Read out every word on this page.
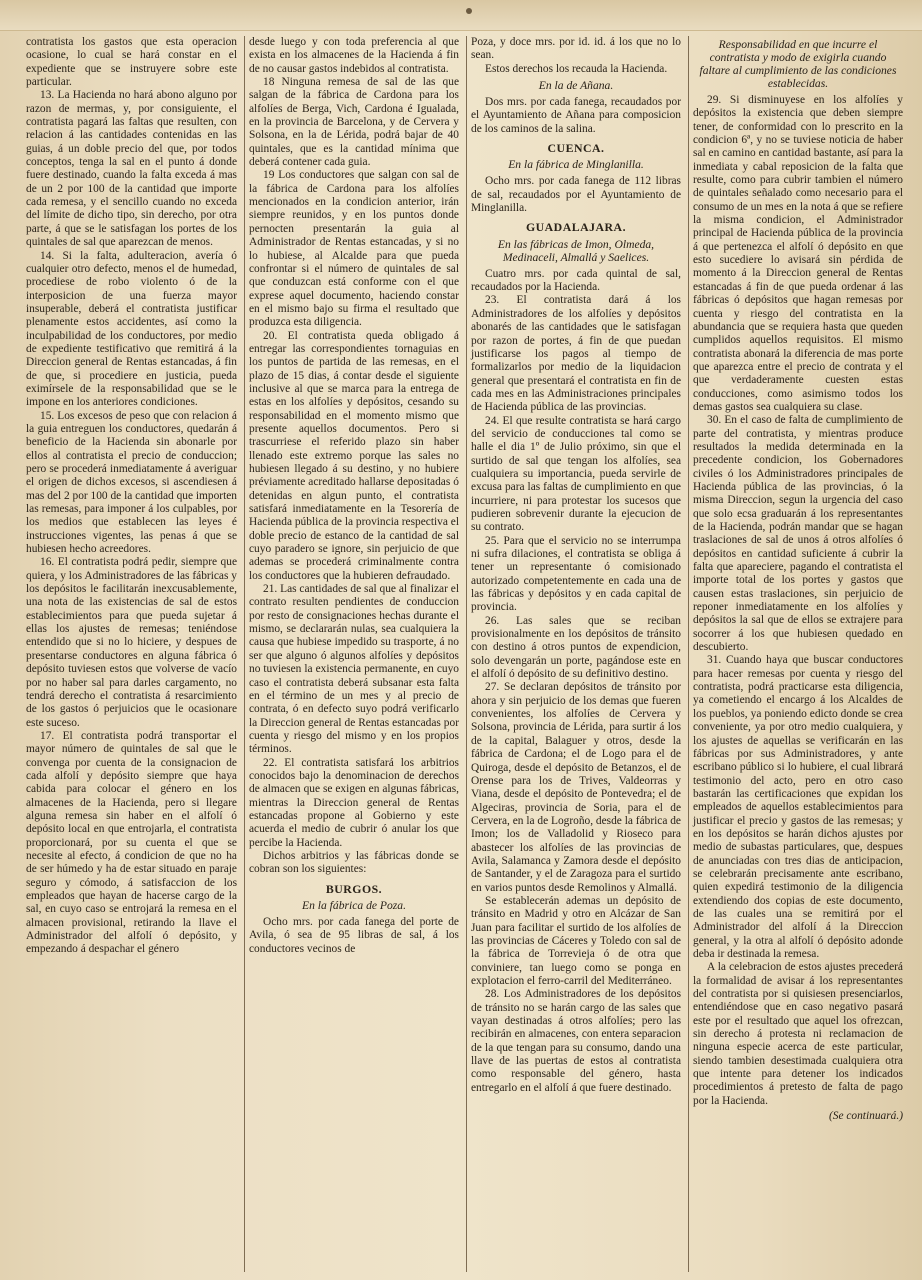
contratista los gastos que esta operacion ocasione, lo cual se hará constar en el expediente que se instruyere sobre este particular.

13. La Hacienda no hará abono alguno por razon de mermas, y, por consiguiente, el contratista pagará las faltas que resulten, con relacion á las cantidades contenidas en las guias, á un doble precio del que, por todos conceptos, tenga la sal en el punto á donde fuere destinado, cuando la falta exceda á mas de un 2 por 100 de la cantidad que importe cada remesa, y el sencillo cuando no exceda del límite de dicho tipo, sin derecho, por otra parte, á que se le satisfagan los portes de los quintales de sal que aparezcan de menos.

14. Si la falta, adulteracion, avería ó cualquier otro defecto, menos el de humedad, procediese de robo violento ó de la interposicion de una fuerza mayor insuperable, deberá el contratista justificar plenamente estos accidentes, así como la inculpabilidad de los conductores, por medio de expediente testificativo que remitirá á la Direccion general de Rentas estancadas, á fin de que, si procediere en justicia, pueda eximírsele de la responsabilidad que se le impone en los anteriores condiciones.

15. Los excesos de peso que con relacion á la guia entreguen los conductores, quedarán á beneficio de la Hacienda sin abonarle por ellos al contratista el precio de conduccion; pero se procederá inmediatamente á averiguar el origen de dichos excesos, si ascendiesen á mas del 2 por 100 de la cantidad que importen las remesas, para imponer á los culpables, por los medios que establecen las leyes é instrucciones vigentes, las penas á que se hubiesen hecho acreedores.

16. El contratista podrá pedir, siempre que quiera, y los Administradores de las fábricas y los depósitos le facilitarán inexcusablemente, una nota de las existencias de sal de estos establecimientos para que pueda sujetar á ellas los ajustes de remesas; teniéndose entendido que si no lo hiciere, y despues de presentarse conductores en alguna fábrica ó depósito tuviesen estos que volverse de vacío por no haber sal para darles cargamento, no tendrá derecho el contratista á resarcimiento de los gastos ó perjuicios que le ocasionare este suceso.

17. El contratista podrá transportar el mayor número de quintales de sal que le convenga por cuenta de la consignacion de cada alfolí y depósito siempre que haya cabida para colocar el género en los almacenes de la Hacienda, pero si llegare alguna remesa sin haber en el alfolí ó depósito local en que entrojarla, el contratista proporcionará, por su cuenta el que se necesite al efecto, á condicion de que no ha de ser húmedo y ha de estar situado en paraje seguro y cómodo, á satisfaccion de los empleados que hayan de hacerse cargo de la sal, en cuyo caso se entrojará la remesa en el almacen provisional, retirando la llave el Administrador del alfolí ó depósito, y empezando á despachar el género

desde luego y con toda preferencia al que exista en los almacenes de la Hacienda á fin de no causar gastos indebidos al contratista.

18 Ninguna remesa de sal de las que salgan de la fábrica de Cardona para los alfolíes de Berga, Vich, Cardona é Igualada, en la provincia de Barcelona, y de Cervera y Solsona, en la de Lérida, podrá bajar de 40 quintales, que es la cantidad mínima que deberá contener cada guia.

19 Los conductores que salgan con sal de la fábrica de Cardona para los alfolíes mencionados en la condicion anterior, irán siempre reunidos, y en los puntos donde pernocten presentarán la guia al Administrador de Rentas estancadas, y si no lo hubiese, al Alcalde para que pueda confrontar si el número de quintales de sal que conduzcan está conforme con el que exprese aquel documento, haciendo constar en el mismo bajo su firma el resultado que produzca esta diligencia.

20. El contratista queda obligado á entregar las correspondientes tornaguias en los puntos de partida de las remesas, en el plazo de 15 dias, á contar desde el siguiente inclusive al que se marca para la entrega de estas en los alfolíes y depósitos, cesando su responsabilidad en el momento mismo que presente aquellos documentos. Pero si trascurriese el referido plazo sin haber llenado este extremo porque las sales no hubiesen llegado á su destino, y no hubiere préviamente acreditado hallarse depositadas ó detenidas en algun punto, el contratista satisfará inmediatamente en la Tesorería de Hacienda pública de la provincia respectiva el doble precio de estanco de la cantidad de sal cuyo paradero se ignore, sin perjuicio de que ademas se procederá criminalmente contra los conductores que la hubieren defraudado.

21. Las cantidades de sal que al finalizar el contrato resulten pendientes de conduccion por resto de consignaciones hechas durante el mismo, se declararán nulas, sea cualquiera la causa que hubiese impedido su trasporte, á no ser que alguno ó algunos alfolíes y depósitos no tuviesen la existencia permanente, en cuyo caso el contratista deberá subsanar esta falta en el término de un mes y al precio de contrata, ó en defecto suyo podrá verificarlo la Direccion general de Rentas estancadas por cuenta y riesgo del mismo y en los propios términos.

22. El contratista satisfará los arbitrios conocidos bajo la denominacion de derechos de almacen que se exigen en algunas fábricas, mientras la Direccion general de Rentas estancadas propone al Gobierno y este acuerda el medio de cubrir ó anular los que percibe la Hacienda.

Dichos arbitrios y las fábricas donde se cobran son los siguientes:

BURGOS.
En la fábrica de Poza.

Ocho mrs. por cada fanega del porte de Avila, ó sea de 95 libras de sal, á los conductores vecinos de

Poza, y doce mrs. por id. id. á los que no lo sean.

Estos derechos los recauda la Hacienda.

En la de Añana.

Dos mrs. por cada fanega, recaudados por el Ayuntamiento de Añana para composicion de los caminos de la salina.

CUENCA.
En la fábrica de Minglanilla.

Ocho mrs. por cada fanega de 112 libras de sal, recaudados por el Ayuntamiento de Minglanilla.

GUADALAJARA.
En las fábricas de Imon, Olmeda, Medinaceli, Almallá y Saelices.

Cuatro mrs. por cada quintal de sal, recaudados por la Hacienda.

23. El contratista dará á los Administradores de los alfolíes y depósitos abonarés de las cantidades que le satisfagan por razon de portes, á fin de que puedan justificarse los pagos al tiempo de formalizarlos por medio de la liquidacion general que presentará el contratista en fin de cada mes en las Administraciones principales de Hacienda pública de las provincias.

24. El que resulte contratista se hará cargo del servicio de conducciones tal como se halle el dia 1º de Julio próximo, sin que el surtido de sal que tengan los alfolíes, sea cualquiera su importancia, pueda servirle de excusa para las faltas de cumplimiento en que incurriere, ni para protestar los sucesos que pudieren sobrevenir durante la ejecucion de su contrato.

25. Para que el servicio no se interrumpa ni sufra dilaciones, el contratista se obliga á tener un representante ó comisionado autorizado competentemente en cada una de las fábricas y depósitos y en cada capital de provincia.

26. Las sales que se reciban provisionalmente en los depósitos de tránsito con destino á otros puntos de expendicion, solo devengarán un porte, pagándose este en el alfolí ó depósito de su definitivo destino.

27. Se declaran depósitos de tránsito por ahora y sin perjuicio de los demas que fueren convenientes, los alfolíes de Cervera y Solsona, provincia de Lérida, para surtir á los de la capital, Balaguer y otros, desde la fábrica de Cardona; el de Logo para el de Quiroga, desde el depósito de Betanzos, el de Orense para los de Trives, Valdeorras y Viana, desde el depósito de Pontevedra; el de Algeciras, provincia de Soria, para el de Cervera, en la de Logroño, desde la fábrica de Imon; los de Valladolid y Rioseco para abastecer los alfolíes de las provincias de Avila, Salamanca y Zamora desde el depósito de Santander, y el de Zaragoza para el surtido en varios puntos desde Remolinos y Almallá.

Se establecerán ademas un depósito de tránsito en Madrid y otro en Alcázar de San Juan para facilitar el surtido de los alfolíes de las provincias de Cáceres y Toledo con sal de la fábrica de Torrevieja ó de otra que conviniere, tan luego como se ponga en explotacion el ferro-carril del Mediterráneo.

28. Los Administradores de los depósitos de tránsito no se harán cargo de las sales que vayan destinadas á otros alfolíes; pero las recibirán en almacenes, con entera separacion de la que tengan para su consumo, dando una llave de las puertas de estos al contratista como responsable del género, hasta entregarlo en el alfolí á que fuere destinado.

Responsabilidad en que incurre el contratista y modo de exigirla cuando faltare al cumplimiento de las condiciones establecidas.

29. Si disminuyese en los alfolíes y depósitos la existencia que deben siempre tener, de conformidad con lo prescrito en la condicion 6ª, y no se tuviese noticia de haber sal en camino en cantidad bastante, así para la inmediata y cabal reposicion de la falta que resulte, como para cubrir tambien el número de quintales señalado como necesario para el consumo de un mes en la nota á que se refiere la misma condicion, el Administrador principal de Hacienda pública de la provincia á que pertenezca el alfolí ó depósito en que esto sucediere lo avisará sin pérdida de momento á la Direccion general de Rentas estancadas á fin de que pueda ordenar á las fábricas ó depósitos que hagan remesas por cuenta y riesgo del contratista en la abundancia que se requiera hasta que queden cumplidos aquellos requisitos. El mismo contratista abonará la diferencia de mas porte que aparezca entre el precio de contrata y el que verdaderamente cuesten estas conducciones, como asimismo todos los demas gastos sea cualquiera su clase.

30. En el caso de falta de cumplimiento de parte del contratista, y mientras produce resultados la medida determinada en la precedente condicion, los Gobernadores civiles ó los Administradores principales de Hacienda pública de las provincias, ó la misma Direccion, segun la urgencia del caso que solo ecsa graduarán á los representantes de la Hacienda, podrán mandar que se hagan traslaciones de sal de unos á otros alfolíes ó depósitos en cantidad suficiente á cubrir la falta que apareciere, pagando el contratista el importe total de los portes y gastos que causen estas traslaciones, sin perjuicio de reponer inmediatamente en los alfolíes y depósitos la sal que de ellos se extrajere para socorrer á los que hubiesen quedado en descubierto.

31. Cuando haya que buscar conductores para hacer remesas por cuenta y riesgo del contratista, podrá practicarse esta diligencia, ya cometiendo el encargo á los Alcaldes de los pueblos, ya poniendo edicto donde se crea conveniente, ya por otro medio cualquiera, y los ajustes de aquellas se verificarán en las fábricas por sus Administradores, y ante escribano público si lo hubiere, el cual librará testimonio del acto, pero en otro caso bastarán las certificaciones que expidan los empleados de aquellos establecimientos para justificar el precio y gastos de las remesas; y en los depósitos se harán dichos ajustes por medio de subastas particulares, que, despues de anunciadas con tres dias de anticipacion, se celebrarán precisamente ante escribano, quien expedirá testimonio de la diligencia extendiendo dos copias de este documento, de las cuales una se remitirá por el Administrador del alfolí á la Direccion general, y la otra al alfolí ó depósito adonde deba ir destinada la remesa.

A la celebracion de estos ajustes precederá la formalidad de avisar á los representantes del contratista por si quisiesen presenciarlos, entendiéndose que en caso negativo pasará este por el resultado que aquel los ofrezcan, sin derecho á protesta ni reclamacion de ninguna especie acerca de este particular, siendo tambien desestimada cualquiera otra que intente para detener los indicados procedimientos á pretesto de falta de pago por la Hacienda.

(Se continuará.)
